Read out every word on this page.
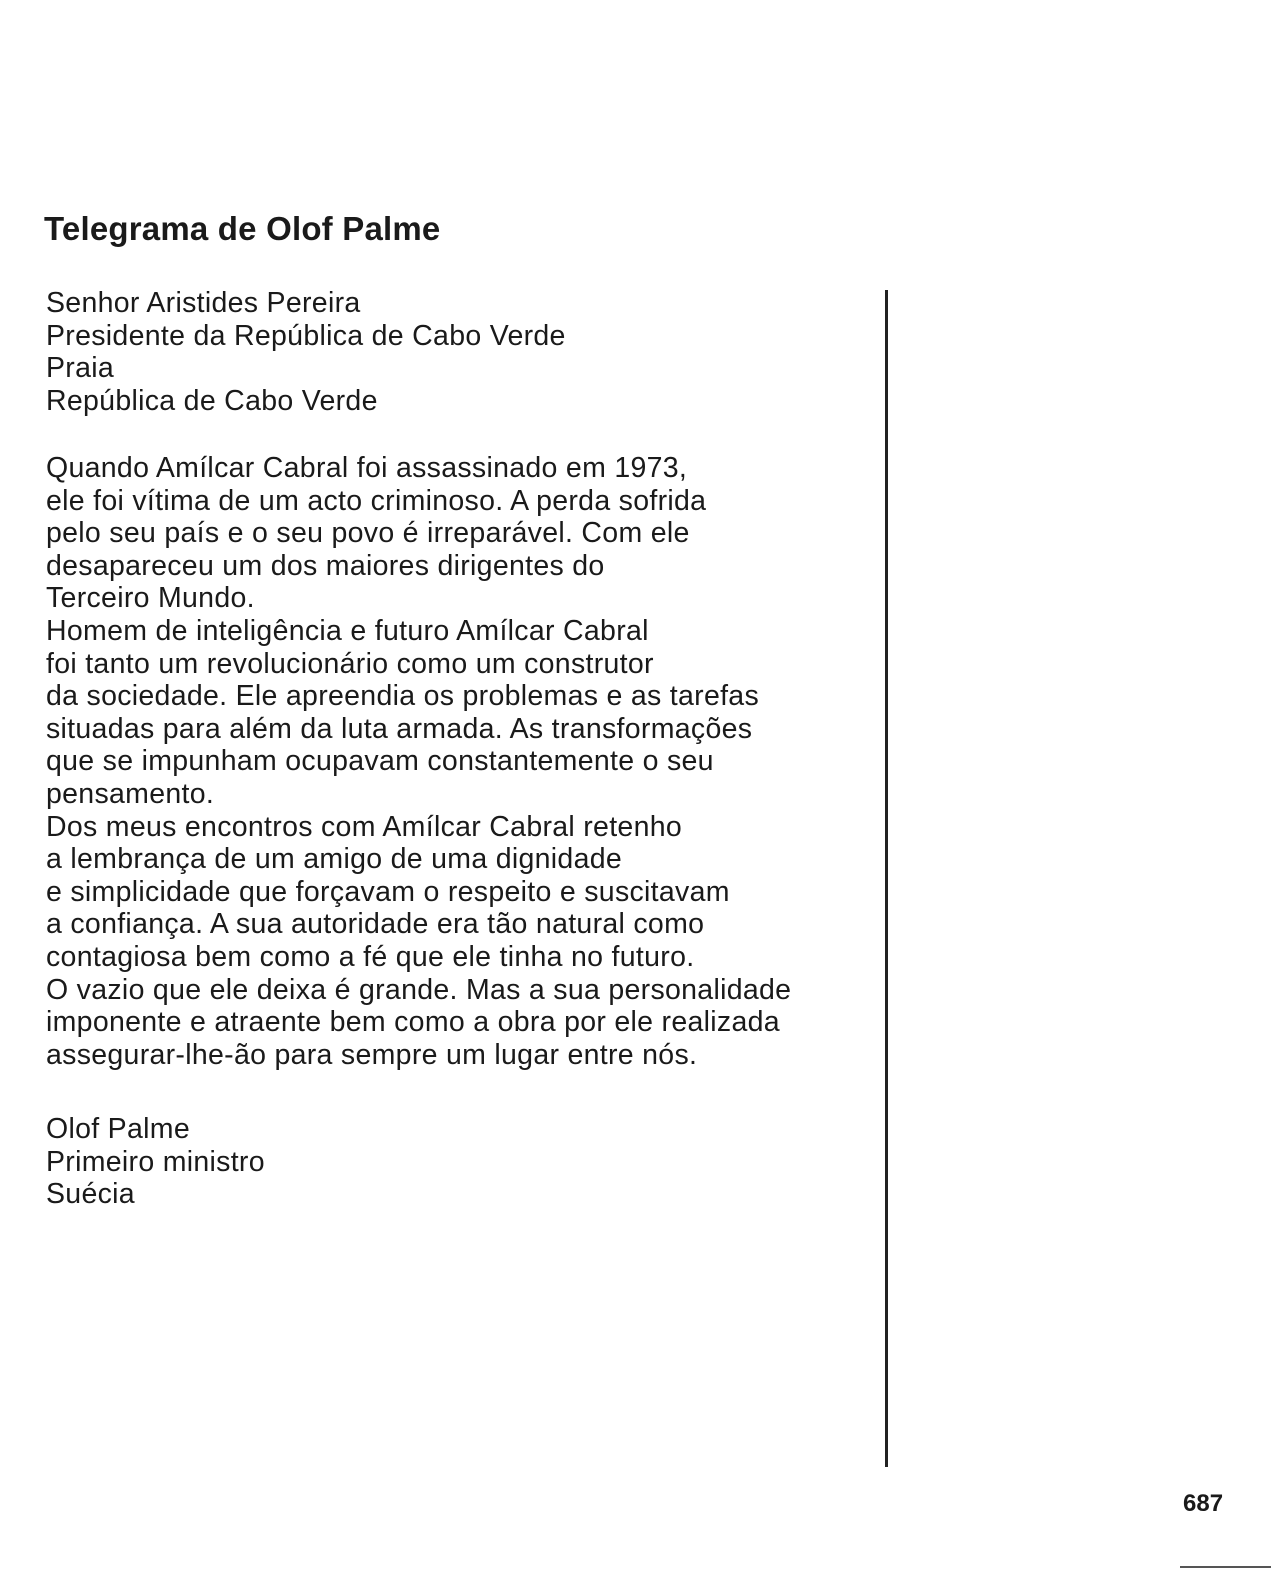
Telegrama de Olof Palme
Senhor Aristides Pereira
Presidente da República de Cabo Verde
Praia
República de Cabo Verde
Quando Amílcar Cabral foi assassinado em 1973,
ele foi vítima de um acto criminoso. A perda sofrida
pelo seu país e o seu povo é irreparável. Com ele
desapareceu um dos maiores dirigentes do
Terceiro Mundo.
Homem de inteligência e futuro Amílcar Cabral
foi tanto um revolucionário como um construtor
da sociedade. Ele apreendia os problemas e as tarefas
situadas para além da luta armada. As transformações
que se impunham ocupavam constantemente o seu
pensamento.
Dos meus encontros com Amílcar Cabral retenho
a lembrança de um amigo de uma dignidade
e simplicidade que forçavam o respeito e suscitavam
a confiança. A sua autoridade era tão natural como
contagiosa bem como a fé que ele tinha no futuro.
O vazio que ele deixa é grande. Mas a sua personalidade
imponente e atraente bem como a obra por ele realizada
assegurar-lhe-ão para sempre um lugar entre nós.
Olof Palme
Primeiro ministro
Suécia
687
